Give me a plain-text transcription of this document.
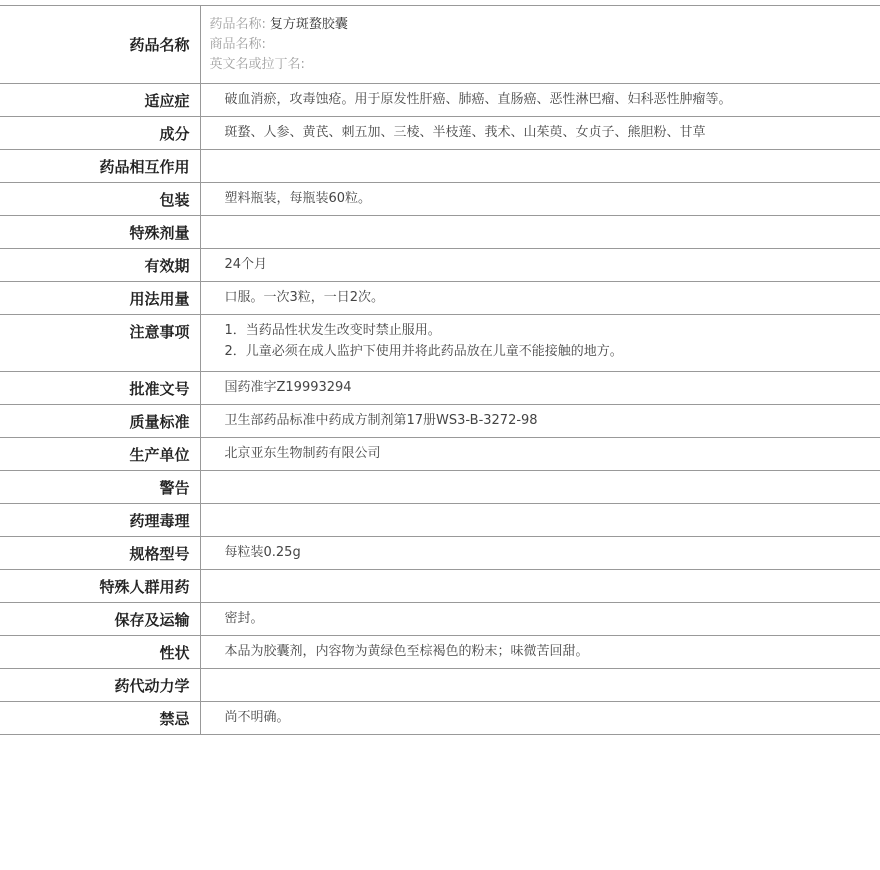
药品名称	药品名称: 复方斑蝥胶囊
商品名称:
英文名或拉丁名:

适应症	破血消瘀，攻毒蚀疮。用于原发性肝癌、肺癌、直肠癌、恶性淋巴瘤、妇科恶性肿瘤等。
成分	斑蝥、人参、黄芪、刺五加、三棱、半枝莲、莪术、山茱萸、女贞子、熊胆粉、甘草
药品相互作用	
包装	塑料瓶装，每瓶装60粒。
特殊剂量	
有效期	24个月
用法用量	口服。一次3粒，一日2次。
注意事项	1．当药品性状发生改变时禁止服用。
2．儿童必须在成人监护下使用并将此药品放在儿童不能接触的地方。

批准文号	国药准字Z19993294
质量标准	卫生部药品标准中药成方制剂第17册WS3-B-3272-98
生产单位	北京亚东生物制药有限公司
警告	
药理毒理	
规格型号	每粒装0.25g
特殊人群用药	
保存及运输	密封。
性状	本品为胶囊剂，内容物为黄绿色至棕褐色的粉末；味微苦回甜。
药代动力学	
禁忌	尚不明确。
